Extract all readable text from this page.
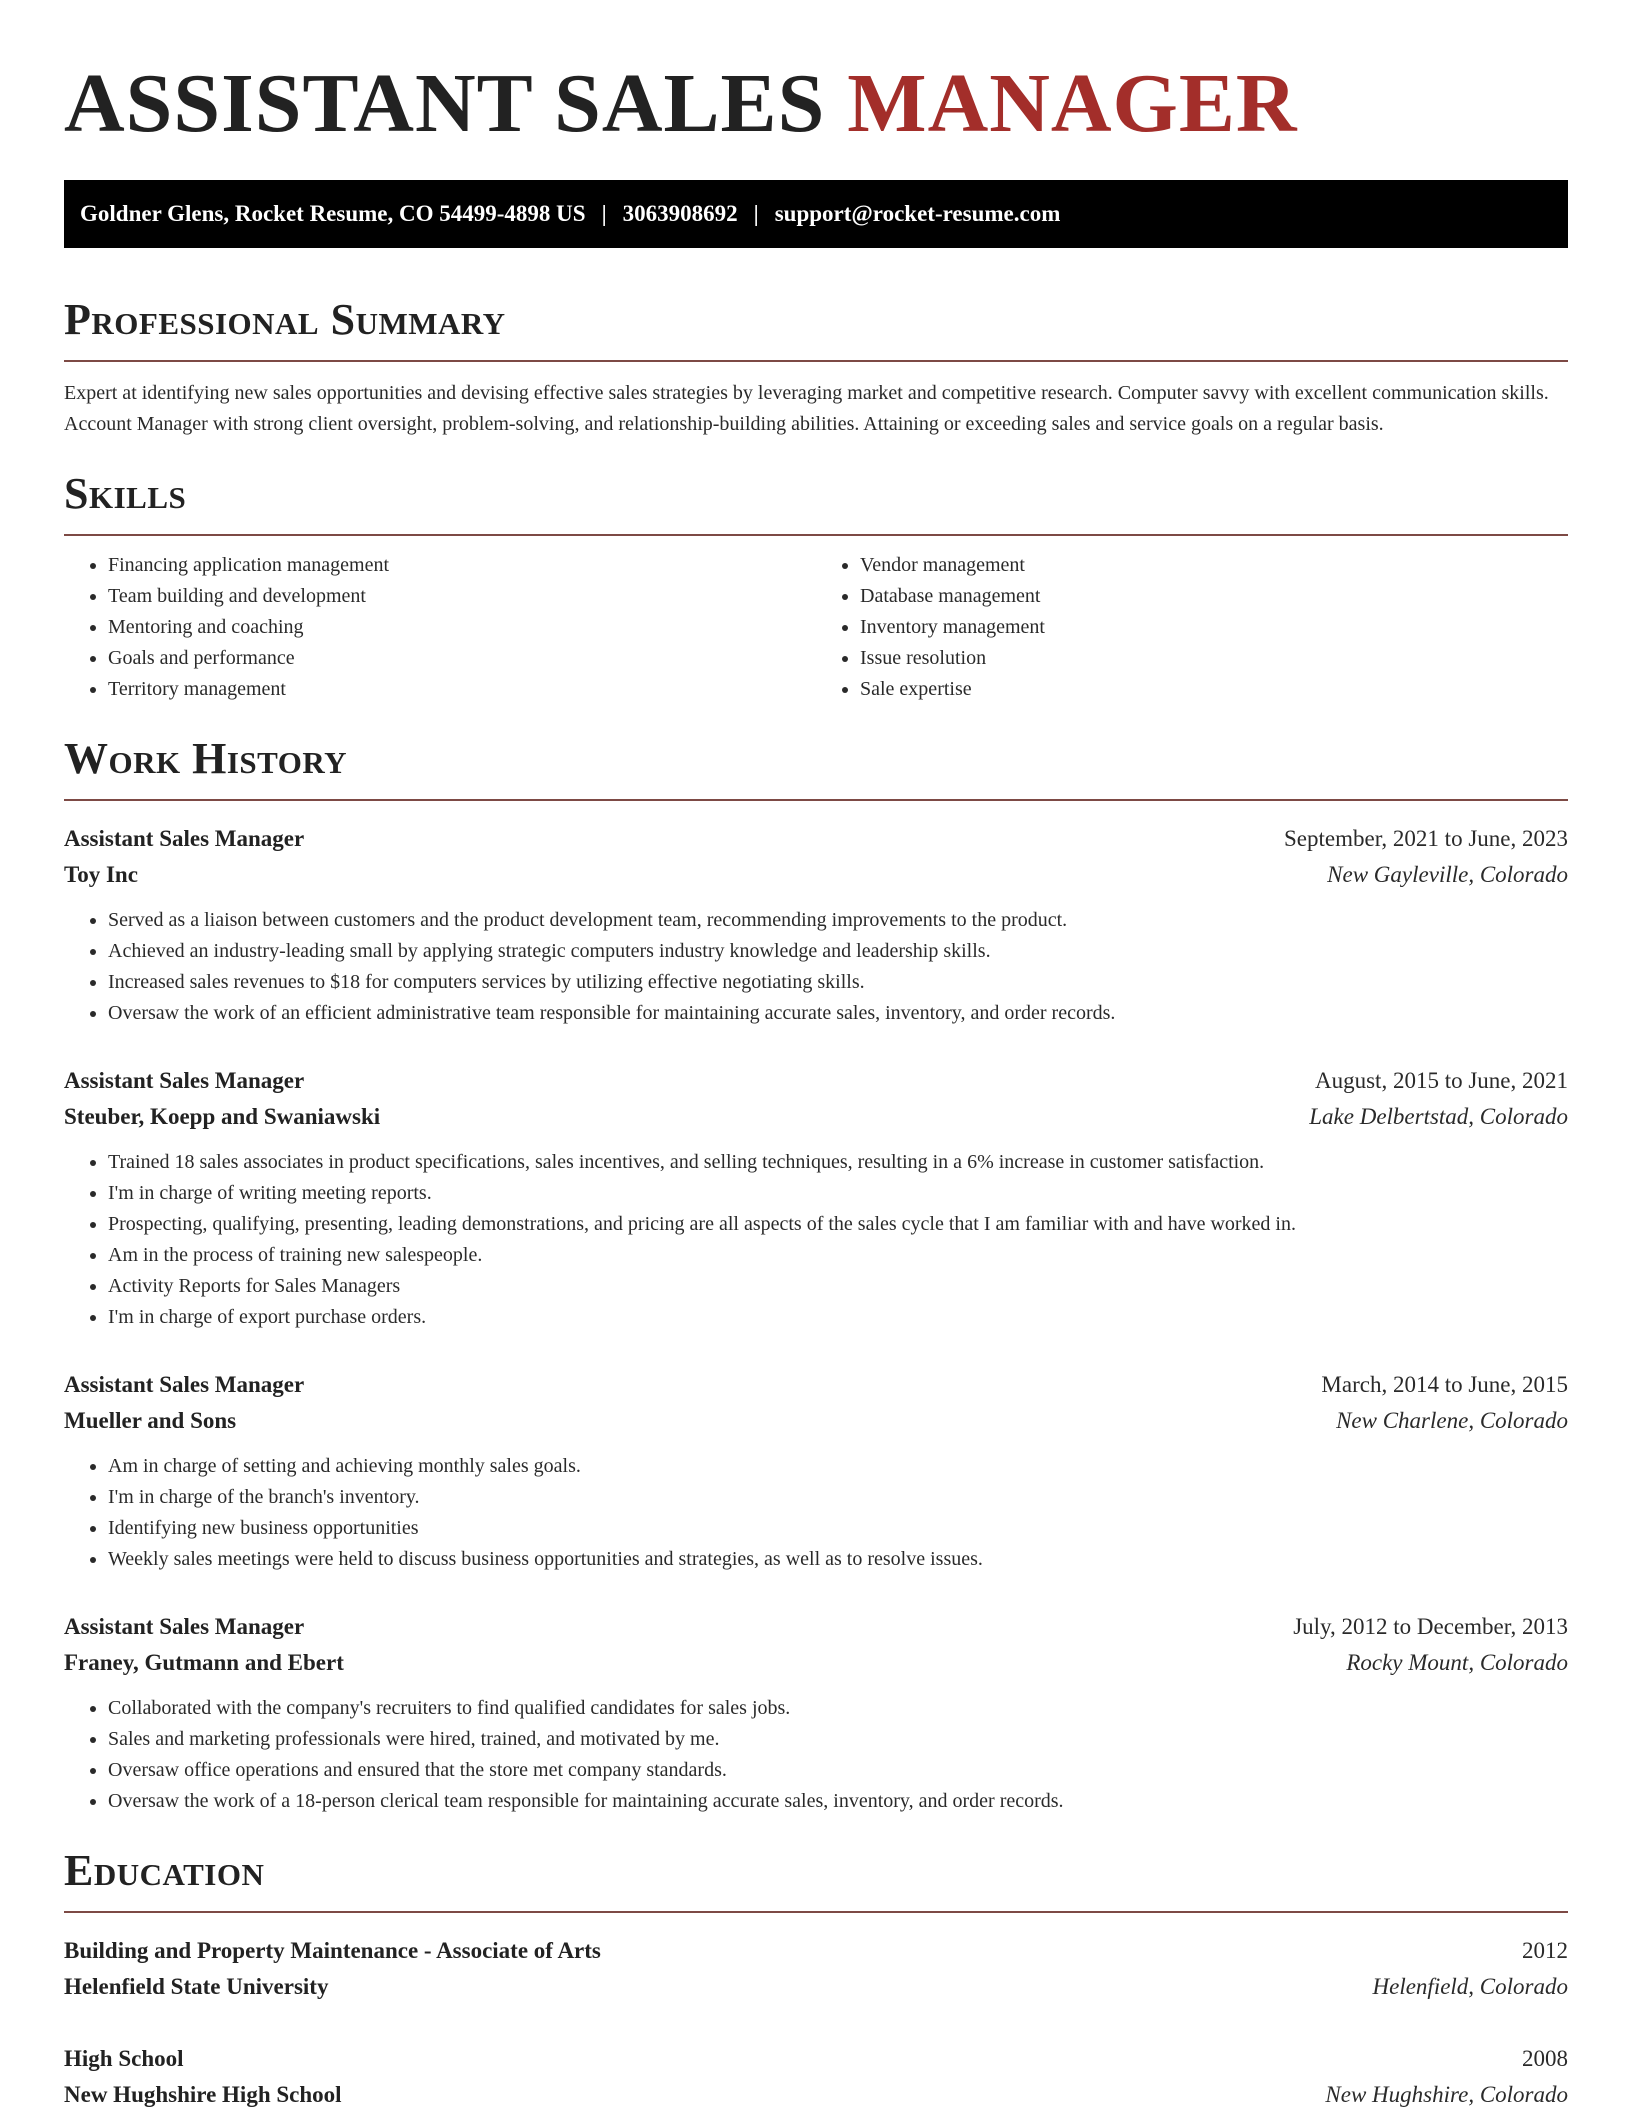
ASSISTANT SALES MANAGER
Goldner Glens, Rocket Resume, CO 54499-4898 US | 3063908692 | support@rocket-resume.com
Professional Summary

Expert at identifying new sales opportunities and devising effective sales strategies by leveraging market and competitive research. Computer savvy with excellent communication skills. Account Manager with strong client oversight, problem-solving, and relationship-building abilities. Attaining or exceeding sales and service goals on a regular basis.

Skills
• Financing application management
• Team building and development
• Mentoring and coaching
• Goals and performance
• Territory management
• Vendor management
• Database management
• Inventory management
• Issue resolution
• Sale expertise
Work History
Assistant Sales Manager	September, 2021 to June, 2023
Toy Inc	New Gayleville, Colorado
• Served as a liaison between customers and the product development team, recommending improvements to the product.
• Achieved an industry-leading small by applying strategic computers industry knowledge and leadership skills.
• Increased sales revenues to $18 for computers services by utilizing effective negotiating skills.
• Oversaw the work of an efficient administrative team responsible for maintaining accurate sales, inventory, and order records.
Assistant Sales Manager	August, 2015 to June, 2021
Steuber, Koepp and Swaniawski	Lake Delbertstad, Colorado
• Trained 18 sales associates in product specifications, sales incentives, and selling techniques, resulting in a 6% increase in customer satisfaction.
• I'm in charge of writing meeting reports.
• Prospecting, qualifying, presenting, leading demonstrations, and pricing are all aspects of the sales cycle that I am familiar with and have worked in.
• Am in the process of training new salespeople.
• Activity Reports for Sales Managers
• I'm in charge of export purchase orders.
Assistant Sales Manager	March, 2014 to June, 2015
Mueller and Sons	New Charlene, Colorado
• Am in charge of setting and achieving monthly sales goals.
• I'm in charge of the branch's inventory.
• Identifying new business opportunities
• Weekly sales meetings were held to discuss business opportunities and strategies, as well as to resolve issues.
Assistant Sales Manager	July, 2012 to December, 2013
Franey, Gutmann and Ebert	Rocky Mount, Colorado
• Collaborated with the company's recruiters to find qualified candidates for sales jobs.
• Sales and marketing professionals were hired, trained, and motivated by me.
• Oversaw office operations and ensured that the store met company standards.
• Oversaw the work of a 18-person clerical team responsible for maintaining accurate sales, inventory, and order records.
Education
Building and Property Maintenance - Associate of Arts	2012
Helenfield State University	Helenfield, Colorado
High School	2008
New Hughshire High School	New Hughshire, Colorado
